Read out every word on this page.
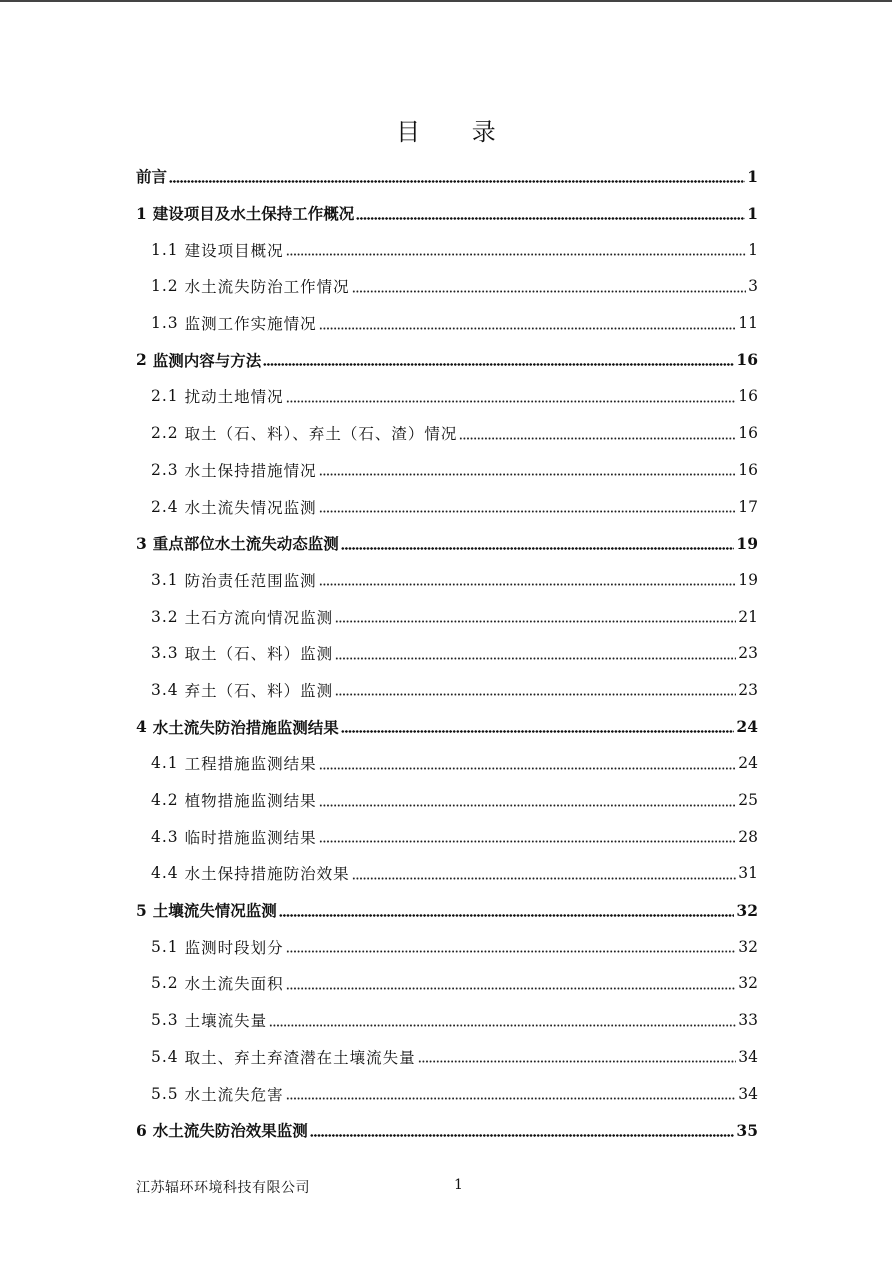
目 录
前言	1
1 建设项目及水土保持工作概况	1
1.1 建设项目概况	1
1.2 水土流失防治工作情况	3
1.3 监测工作实施情况	11
2 监测内容与方法	16
2.1 扰动土地情况	16
2.2 取土（石、料）、弃土（石、渣）情况	16
2.3 水土保持措施情况	16
2.4 水土流失情况监测	17
3 重点部位水土流失动态监测	19
3.1 防治责任范围监测	19
3.2 土石方流向情况监测	21
3.3 取土（石、料）监测	23
3.4 弃土（石、料）监测	23
4 水土流失防治措施监测结果	24
4.1 工程措施监测结果	24
4.2 植物措施监测结果	25
4.3 临时措施监测结果	28
4.4 水土保持措施防治效果	31
5 土壤流失情况监测	32
5.1 监测时段划分	32
5.2 水土流失面积	32
5.3 土壤流失量	33
5.4 取土、弃土弃渣潜在土壤流失量	34
5.5 水土流失危害	34
6 水土流失防治效果监测	35
江苏辐环环境科技有限公司	1
